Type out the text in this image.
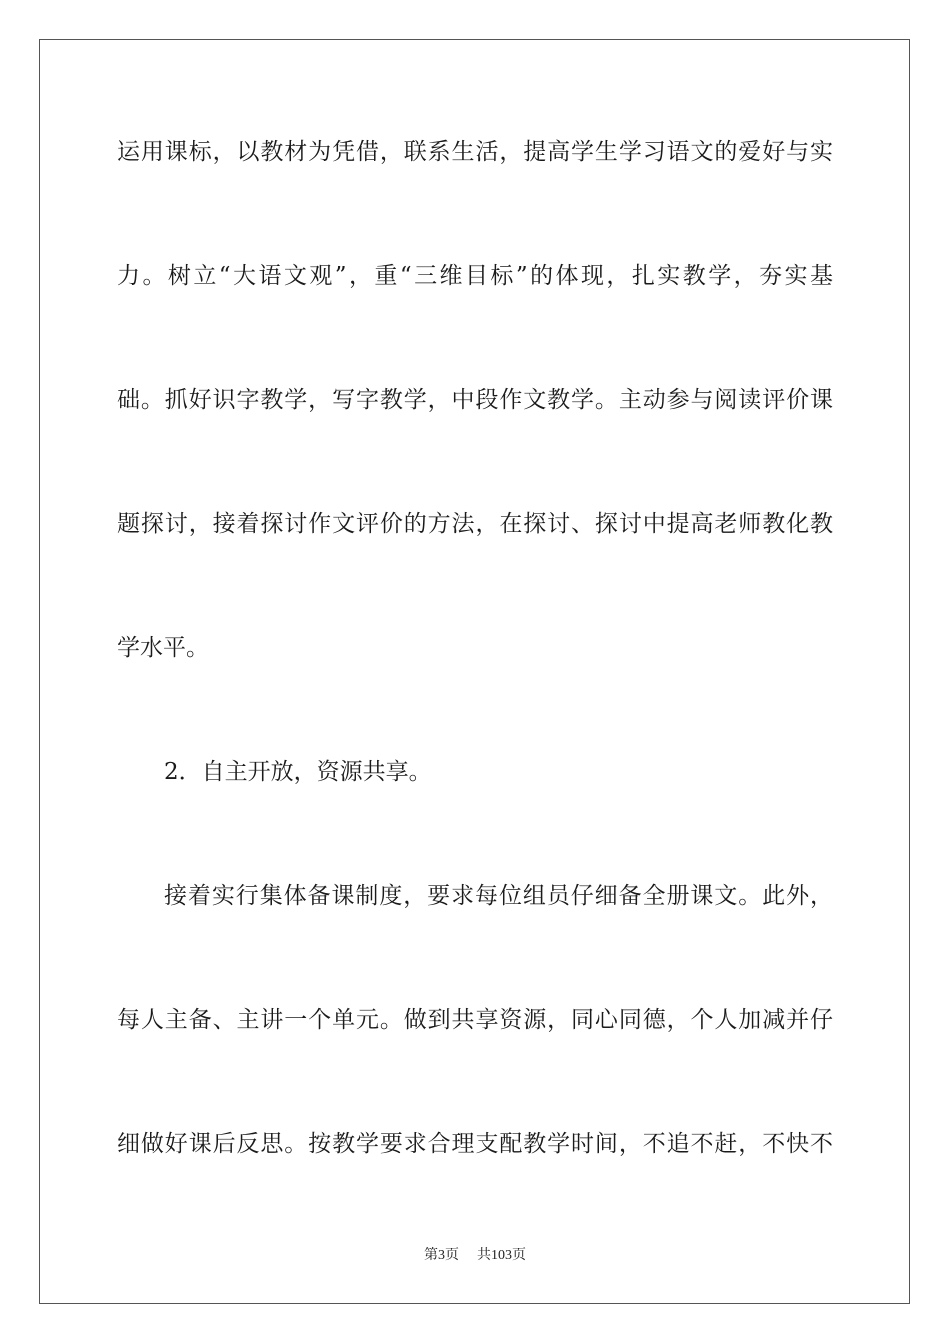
运用课标，以教材为凭借，联系生活，提高学生学习语文的爱好与实
力。树立“大语文观”，重“三维目标”的体现，扎实教学，夯实基
础。抓好识字教学，写字教学，中段作文教学。主动参与阅读评价课
题探讨，接着探讨作文评价的方法，在探讨、探讨中提高老师教化教
学水平。
2．自主开放，资源共享。
接着实行集体备课制度，要求每位组员仔细备全册课文。此外，
每人主备、主讲一个单元。做到共享资源，同心同德，个人加减并仔
细做好课后反思。按教学要求合理支配教学时间，不追不赶，不快不
第3页 共103页
